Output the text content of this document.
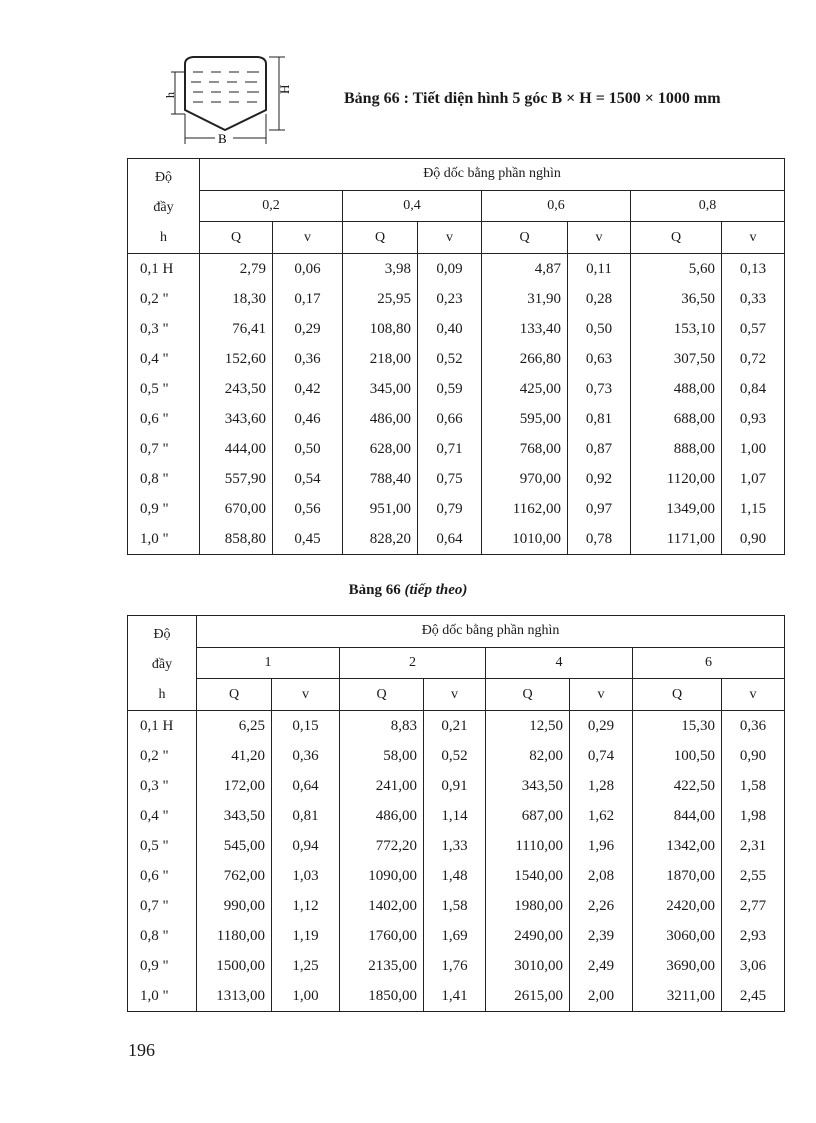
h
H
B
Bảng 66 : Tiết diện hình 5 góc B × H = 1500 × 1000 mm
Độ
đầy
h	Độ dốc bằng phần nghìn							
	0,2		0,4		0,6		0,8	
	Q	v	Q	v	Q	v	Q	v
0,1 H	2,79	0,06	3,98	0,09	4,87	0,11	5,60	0,13
0,2 "	18,30	0,17	25,95	0,23	31,90	0,28	36,50	0,33
0,3 "	76,41	0,29	108,80	0,40	133,40	0,50	153,10	0,57
0,4 "	152,60	0,36	218,00	0,52	266,80	0,63	307,50	0,72
0,5 "	243,50	0,42	345,00	0,59	425,00	0,73	488,00	0,84
0,6 "	343,60	0,46	486,00	0,66	595,00	0,81	688,00	0,93
0,7 "	444,00	0,50	628,00	0,71	768,00	0,87	888,00	1,00
0,8 "	557,90	0,54	788,40	0,75	970,00	0,92	1120,00	1,07
0,9 "	670,00	0,56	951,00	0,79	1162,00	0,97	1349,00	1,15
1,0 "	858,80	0,45	828,20	0,64	1010,00	0,78	1171,00	0,90
Bảng 66 (tiếp theo)
Độ
đầy
h	Độ dốc bằng phần nghìn							
	1		2		4		6	
	Q	v	Q	v	Q	v	Q	v
0,1 H	6,25	0,15	8,83	0,21	12,50	0,29	15,30	0,36
0,2 "	41,20	0,36	58,00	0,52	82,00	0,74	100,50	0,90
0,3 "	172,00	0,64	241,00	0,91	343,50	1,28	422,50	1,58
0,4 "	343,50	0,81	486,00	1,14	687,00	1,62	844,00	1,98
0,5 "	545,00	0,94	772,20	1,33	1110,00	1,96	1342,00	2,31
0,6 "	762,00	1,03	1090,00	1,48	1540,00	2,08	1870,00	2,55
0,7 "	990,00	1,12	1402,00	1,58	1980,00	2,26	2420,00	2,77
0,8 "	1180,00	1,19	1760,00	1,69	2490,00	2,39	3060,00	2,93
0,9 "	1500,00	1,25	2135,00	1,76	3010,00	2,49	3690,00	3,06
1,0 "	1313,00	1,00	1850,00	1,41	2615,00	2,00	3211,00	2,45
196
